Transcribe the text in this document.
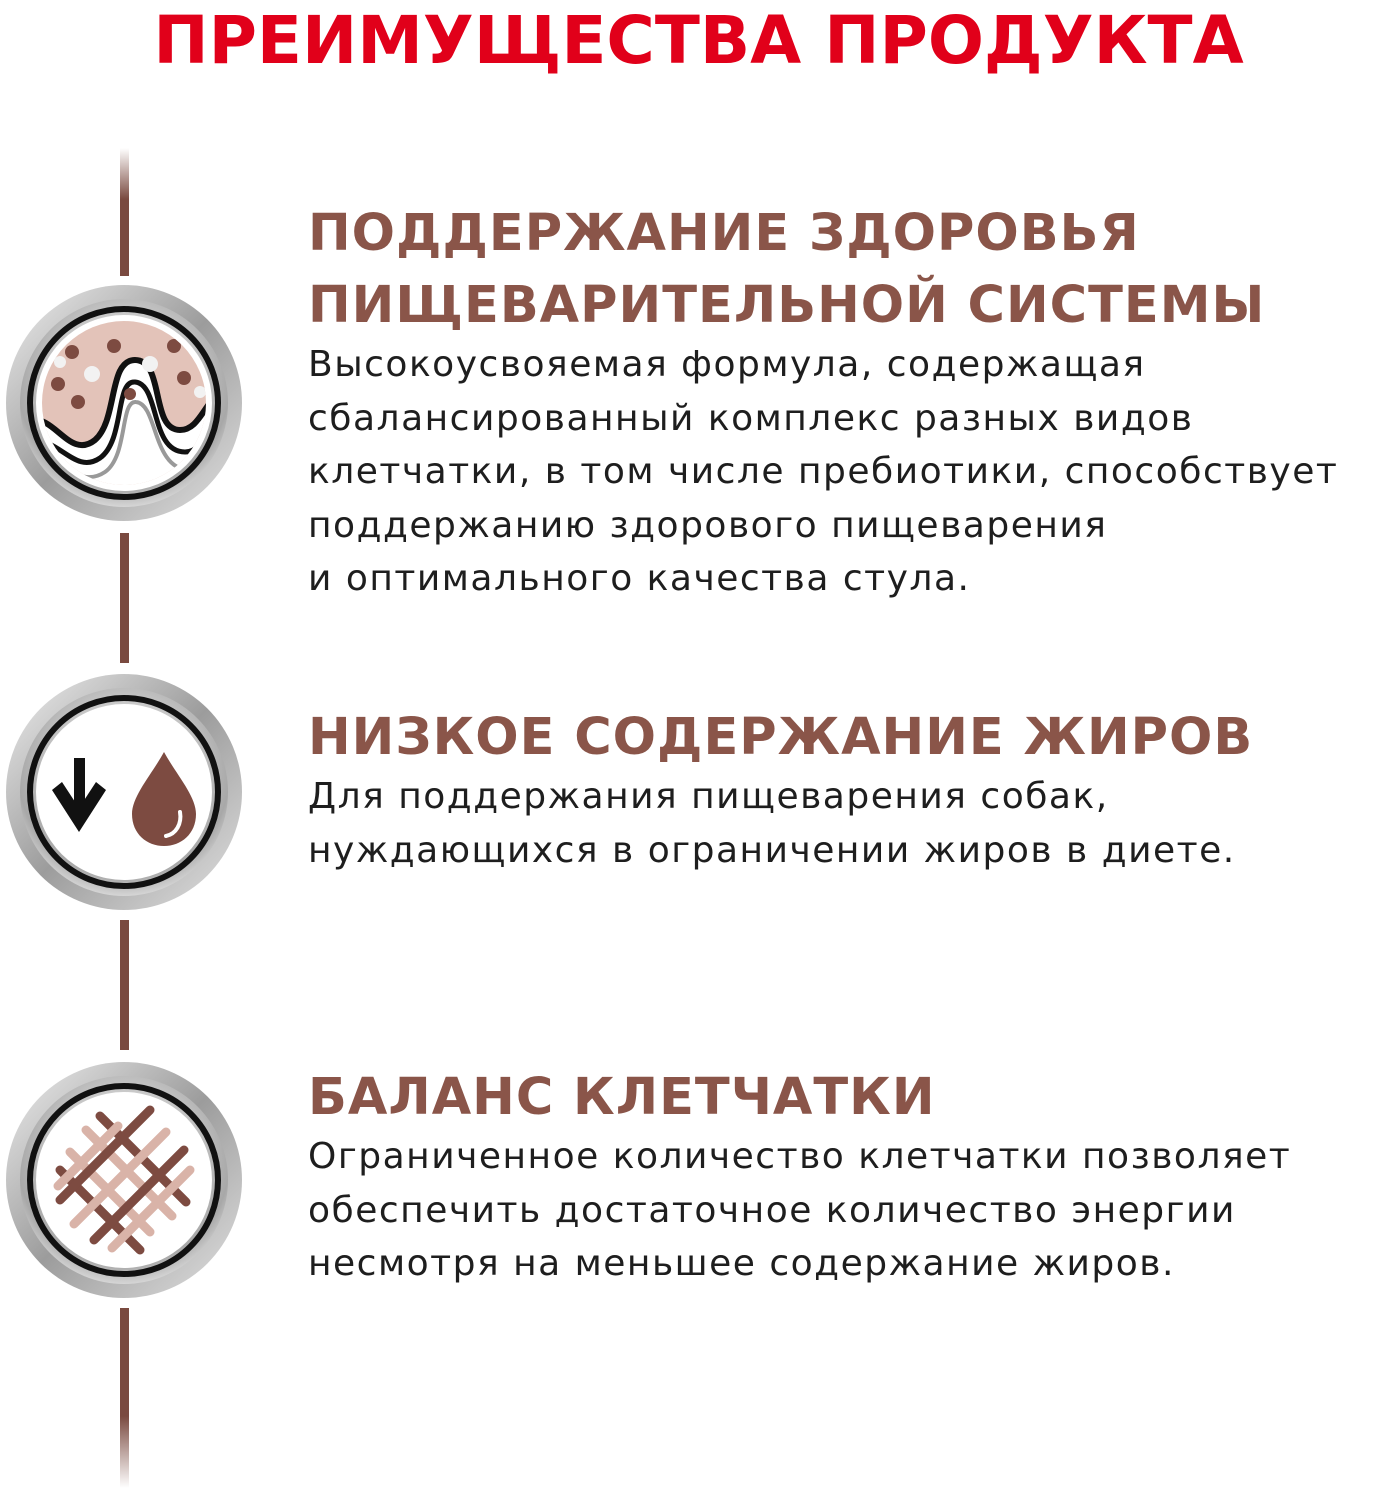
ПРЕИМУЩЕСТВА ПРОДУКТА
ПОДДЕРЖАНИЕ ЗДОРОВЬЯ
ПИЩЕВАРИТЕЛЬНОЙ СИСТЕМЫ
Высокоусвояемая формула, содержащая
сбалансированный комплекс разных видов
клетчатки, в том числе пребиотики, способствует
поддержанию здорового пищеварения
и оптимального качества стула.
НИЗКОЕ СОДЕРЖАНИЕ ЖИРОВ
Для поддержания пищеварения собак,
нуждающихся в ограничении жиров в диете.
БАЛАНС КЛЕТЧАТКИ
Ограниченное количество клетчатки позволяет
обеспечить достаточное количество энергии
несмотря на меньшее содержание жиров.
